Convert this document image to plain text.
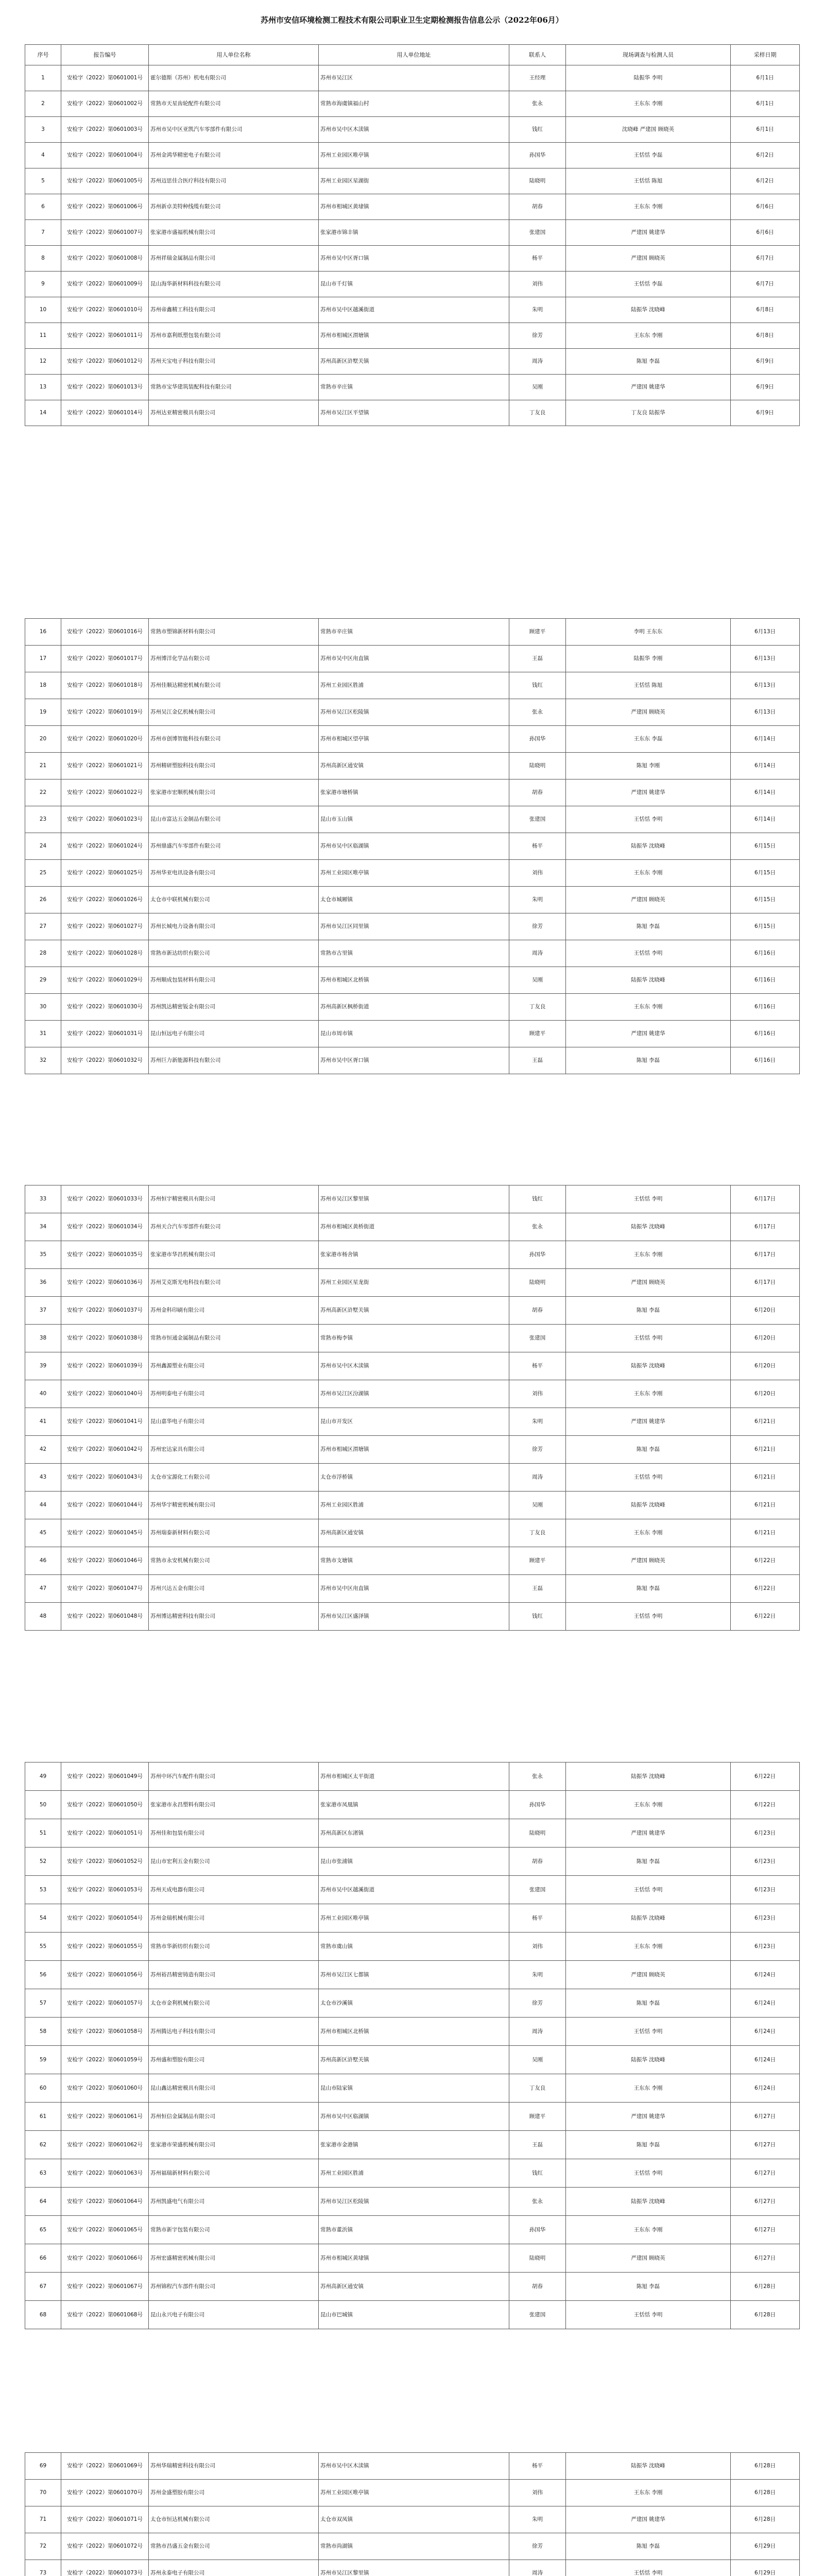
苏州市安信环境检测工程技术有限公司职业卫生定期检测报告信息公示（2022年06月）
序号	报告编号	用人单位名称	用人单位地址	联系人	现场调查与检测人员	采样日期
1	安检字（2022）第0601001号	霍尔德斯（苏州）机电有限公司	苏州市吴江区	王经理	陆振华 李明	6月1日
2	安检字（2022）第0601002号	常熟市天星齿轮配件有限公司	常熟市海虞镇福山村	张永	王东东 李刚	6月1日
3	安检字（2022）第0601003号	苏州市吴中区亚凯汽车零部件有限公司	苏州市吴中区木渎镇	钱红	沈晓峰 严建国 顾晓英	6月1日
4	安检字（2022）第0601004号	苏州金鸿华精密电子有限公司	苏州工业园区唯亭镇	孙国华	王恬恬 李磊	6月2日
5	安检字（2022）第0601005号	苏州迈思佳合医疗科技有限公司	苏州工业园区星湖街	陆晓明	王恬恬 陈旭	6月2日
6	安检字（2022）第0601006号	苏州新卓美特种线缆有限公司	苏州市相城区黄埭镇	胡春	王东东 李刚	6月6日
7	安检字（2022）第0601007号	张家港市盛福机械有限公司	张家港市锦丰镇	张建国	严建国 姚建华	6月6日
8	安检字（2022）第0601008号	苏州祥瑞金属制品有限公司	苏州市吴中区胥口镇	杨平	严建国 顾晓英	6月7日
9	安检字（2022）第0601009号	昆山海华新材料科技有限公司	昆山市千灯镇	刘伟	王恬恬 李磊	6月7日
10	安检字（2022）第0601010号	苏州帝鑫精工科技有限公司	苏州市吴中区越溪街道	朱明	陆振华 沈晓峰	6月8日
11	安检字（2022）第0601011号	苏州市嘉利纸塑包装有限公司	苏州市相城区渭塘镇	徐芳	王东东 李刚	6月8日
12	安检字（2022）第0601012号	苏州天宝电子科技有限公司	苏州高新区浒墅关镇	周涛	陈旭 李磊	6月9日
13	安检字（2022）第0601013号	常熟市宝华建筑装配科技有限公司	常熟市辛庄镇	吴刚	严建国 姚建华	6月9日
14	安检字（2022）第0601014号	苏州达亚精密模具有限公司	苏州市吴江区平望镇	丁友良	丁友良 陆振华	6月9日
16	安检字（2022）第0601016号	常熟市塑锦新材料有限公司	常熟市辛庄镇	顾建平	李明 王东东	6月13日
17	安检字（2022）第0601017号	苏州博洋化学品有限公司	苏州市吴中区甪直镇	王磊	陆振华 李刚	6月13日
18	安检字（2022）第0601018号	苏州佳顺达精密机械有限公司	苏州工业园区胜浦	钱红	王恬恬 陈旭	6月13日
19	安检字（2022）第0601019号	苏州吴江金亿机械有限公司	苏州市吴江区松陵镇	张永	严建国 顾晓英	6月13日
20	安检字（2022）第0601020号	苏州市创博智能科技有限公司	苏州市相城区望亭镇	孙国华	王东东 李磊	6月14日
21	安检字（2022）第0601021号	苏州精研塑胶科技有限公司	苏州高新区通安镇	陆晓明	陈旭 李刚	6月14日
22	安检字（2022）第0601022号	张家港市宏顺机械有限公司	张家港市塘桥镇	胡春	严建国 姚建华	6月14日
23	安检字（2022）第0601023号	昆山市富达五金制品有限公司	昆山市玉山镇	张建国	王恬恬 李明	6月14日
24	安检字（2022）第0601024号	苏州鼎盛汽车零部件有限公司	苏州市吴中区临湖镇	杨平	陆振华 沈晓峰	6月15日
25	安检字（2022）第0601025号	苏州华亚电讯设备有限公司	苏州工业园区唯亭镇	刘伟	王东东 李刚	6月15日
26	安检字（2022）第0601026号	太仓市中联机械有限公司	太仓市城厢镇	朱明	严建国 顾晓英	6月15日
27	安检字（2022）第0601027号	苏州长城电力设备有限公司	苏州市吴江区同里镇	徐芳	陈旭 李磊	6月15日
28	安检字（2022）第0601028号	常熟市新达纺织有限公司	常熟市古里镇	周涛	王恬恬 李明	6月16日
29	安检字（2022）第0601029号	苏州顺成包装材料有限公司	苏州市相城区北桥镇	吴刚	陆振华 沈晓峰	6月16日
30	安检字（2022）第0601030号	苏州凯达精密钣金有限公司	苏州高新区枫桥街道	丁友良	王东东 李刚	6月16日
31	安检字（2022）第0601031号	昆山恒远电子有限公司	昆山市周市镇	顾建平	严建国 姚建华	6月16日
32	安检字（2022）第0601032号	苏州巨力新能源科技有限公司	苏州市吴中区胥口镇	王磊	陈旭 李磊	6月16日
33	安检字（2022）第0601033号	苏州恒宇精密模具有限公司	苏州市吴江区黎里镇	钱红	王恬恬 李明	6月17日
34	安检字（2022）第0601034号	苏州天合汽车零部件有限公司	苏州市相城区黄桥街道	张永	陆振华 沈晓峰	6月17日
35	安检字（2022）第0601035号	张家港市华昌机械有限公司	张家港市杨舍镇	孙国华	王东东 李刚	6月17日
36	安检字（2022）第0601036号	苏州艾克斯光电科技有限公司	苏州工业园区星龙街	陆晓明	严建国 顾晓英	6月17日
37	安检字（2022）第0601037号	苏州金科印刷有限公司	苏州高新区浒墅关镇	胡春	陈旭 李磊	6月20日
38	安检字（2022）第0601038号	常熟市恒通金属制品有限公司	常熟市梅李镇	张建国	王恬恬 李明	6月20日
39	安检字（2022）第0601039号	苏州鑫源塑业有限公司	苏州市吴中区木渎镇	杨平	陆振华 沈晓峰	6月20日
40	安检字（2022）第0601040号	苏州明泰电子有限公司	苏州市吴江区汾湖镇	刘伟	王东东 李刚	6月20日
41	安检字（2022）第0601041号	昆山嘉华电子有限公司	昆山市开发区	朱明	严建国 姚建华	6月21日
42	安检字（2022）第0601042号	苏州宏达家具有限公司	苏州市相城区渭塘镇	徐芳	陈旭 李磊	6月21日
43	安检字（2022）第0601043号	太仓市宝源化工有限公司	太仓市浮桥镇	周涛	王恬恬 李明	6月21日
44	安检字（2022）第0601044号	苏州华宇精密机械有限公司	苏州工业园区胜浦	吴刚	陆振华 沈晓峰	6月21日
45	安检字（2022）第0601045号	苏州瑞泰新材料有限公司	苏州高新区通安镇	丁友良	王东东 李刚	6月21日
46	安检字（2022）第0601046号	常熟市永安机械有限公司	常熟市支塘镇	顾建平	严建国 顾晓英	6月22日
47	安检字（2022）第0601047号	苏州兴达五金有限公司	苏州市吴中区甪直镇	王磊	陈旭 李磊	6月22日
48	安检字（2022）第0601048号	苏州博达精密科技有限公司	苏州市吴江区盛泽镇	钱红	王恬恬 李明	6月22日
49	安检字（2022）第0601049号	苏州中环汽车配件有限公司	苏州市相城区太平街道	张永	陆振华 沈晓峰	6月22日
50	安检字（2022）第0601050号	张家港市永昌塑料有限公司	张家港市凤凰镇	孙国华	王东东 李刚	6月22日
51	安检字（2022）第0601051号	苏州佳和包装有限公司	苏州高新区东渚镇	陆晓明	严建国 姚建华	6月23日
52	安检字（2022）第0601052号	昆山市宏利五金有限公司	昆山市张浦镇	胡春	陈旭 李磊	6月23日
53	安检字（2022）第0601053号	苏州天成电器有限公司	苏州市吴中区越溪街道	张建国	王恬恬 李明	6月23日
54	安检字（2022）第0601054号	苏州金瑞机械有限公司	苏州工业园区唯亭镇	杨平	陆振华 沈晓峰	6月23日
55	安检字（2022）第0601055号	常熟市华新纺织有限公司	常熟市虞山镇	刘伟	王东东 李刚	6月23日
56	安检字（2022）第0601056号	苏州裕昌精密铸造有限公司	苏州市吴江区七都镇	朱明	严建国 顾晓英	6月24日
57	安检字（2022）第0601057号	太仓市金利机械有限公司	太仓市沙溪镇	徐芳	陈旭 李磊	6月24日
58	安检字（2022）第0601058号	苏州腾达电子科技有限公司	苏州市相城区北桥镇	周涛	王恬恬 李明	6月24日
59	安检字（2022）第0601059号	苏州盛和塑胶有限公司	苏州高新区浒墅关镇	吴刚	陆振华 沈晓峰	6月24日
60	安检字（2022）第0601060号	昆山鑫达精密模具有限公司	昆山市陆家镇	丁友良	王东东 李刚	6月24日
61	安检字（2022）第0601061号	苏州恒信金属制品有限公司	苏州市吴中区临湖镇	顾建平	严建国 姚建华	6月27日
62	安检字（2022）第0601062号	张家港市荣盛机械有限公司	张家港市金港镇	王磊	陈旭 李磊	6月27日
63	安检字（2022）第0601063号	苏州福瑞新材料有限公司	苏州工业园区胜浦	钱红	王恬恬 李明	6月27日
64	安检字（2022）第0601064号	苏州凯盛电气有限公司	苏州市吴江区松陵镇	张永	陆振华 沈晓峰	6月27日
65	安检字（2022）第0601065号	常熟市新宇包装有限公司	常熟市董浜镇	孙国华	王东东 李刚	6月27日
66	安检字（2022）第0601066号	苏州宏盛精密机械有限公司	苏州市相城区黄埭镇	陆晓明	严建国 顾晓英	6月27日
67	安检字（2022）第0601067号	苏州锦程汽车部件有限公司	苏州高新区通安镇	胡春	陈旭 李磊	6月28日
68	安检字（2022）第0601068号	昆山永兴电子有限公司	昆山市巴城镇	张建国	王恬恬 李明	6月28日
69	安检字（2022）第0601069号	苏州华瑞精密科技有限公司	苏州市吴中区木渎镇	杨平	陆振华 沈晓峰	6月28日
70	安检字（2022）第0601070号	苏州金盛塑胶有限公司	苏州工业园区唯亭镇	刘伟	王东东 李刚	6月28日
71	安检字（2022）第0601071号	太仓市恒达机械有限公司	太仓市双凤镇	朱明	严建国 姚建华	6月28日
72	安检字（2022）第0601072号	常熟市昌盛五金有限公司	常熟市尚湖镇	徐芳	陈旭 李磊	6月29日
73	安检字（2022）第0601073号	苏州永泰电子有限公司	苏州市吴江区黎里镇	周涛	王恬恬 李明	6月29日
